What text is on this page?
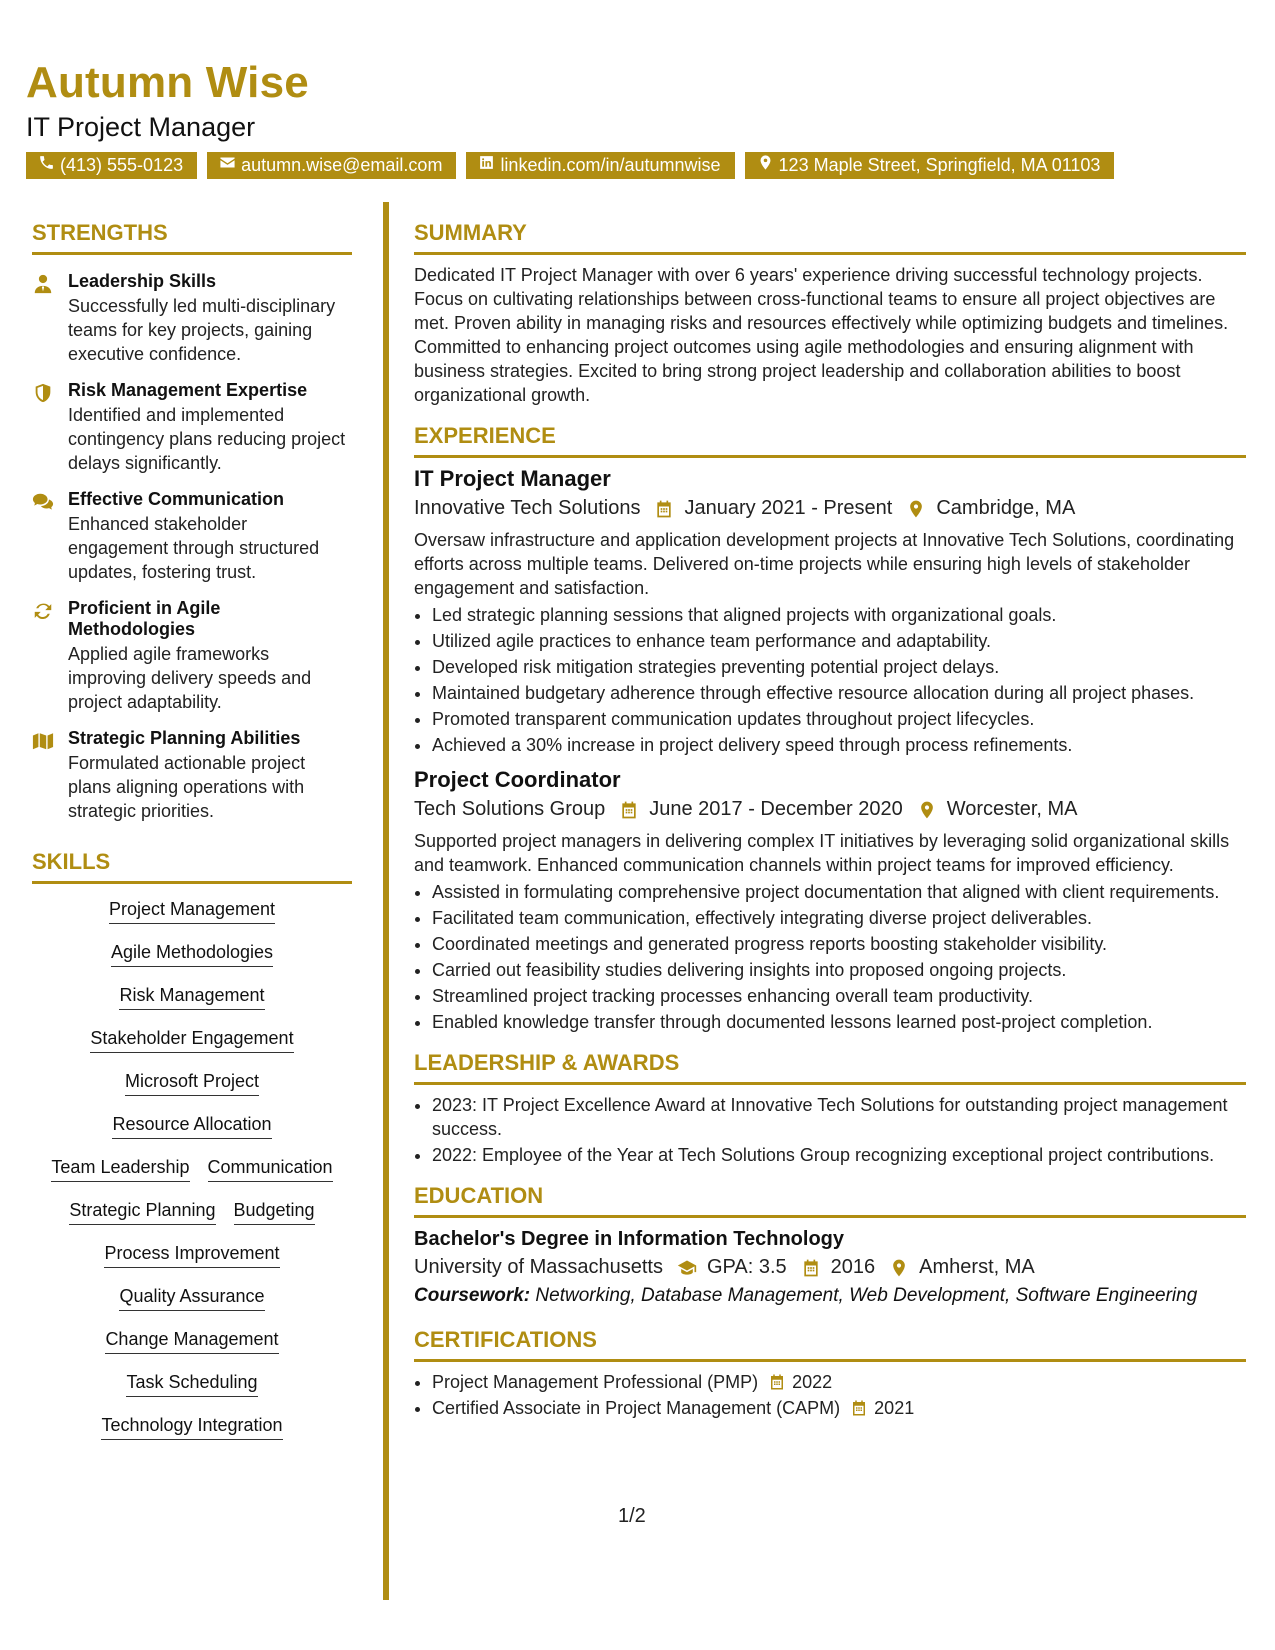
Autumn Wise
IT Project Manager
(413) 555-0123	autumn.wise@email.com	linkedin.com/in/autumnwise	123 Maple Street, Springfield, MA 01103
STRENGTHS
Leadership Skills
Successfully led multi-disciplinary teams for key projects, gaining executive confidence.
Risk Management Expertise
Identified and implemented contingency plans reducing project delays significantly.
Effective Communication
Enhanced stakeholder engagement through structured updates, fostering trust.
Proficient in Agile Methodologies
Applied agile frameworks improving delivery speeds and project adaptability.
Strategic Planning Abilities
Formulated actionable project plans aligning operations with strategic priorities.
SKILLS
Project Management
Agile Methodologies
Risk Management
Stakeholder Engagement
Microsoft Project
Resource Allocation
Team Leadership Communication
Strategic Planning Budgeting
Process Improvement
Quality Assurance
Change Management
Task Scheduling
Technology Integration
SUMMARY
Dedicated IT Project Manager with over 6 years' experience driving successful technology projects. Focus on cultivating relationships between cross-functional teams to ensure all project objectives are met. Proven ability in managing risks and resources effectively while optimizing budgets and timelines. Committed to enhancing project outcomes using agile methodologies and ensuring alignment with business strategies. Excited to bring strong project leadership and collaboration abilities to boost organizational growth.
EXPERIENCE
IT Project Manager
Innovative Tech Solutions January 2021 - Present Cambridge, MA
Oversaw infrastructure and application development projects at Innovative Tech Solutions, coordinating efforts across multiple teams. Delivered on-time projects while ensuring high levels of stakeholder engagement and satisfaction.
• Led strategic planning sessions that aligned projects with organizational goals.
• Utilized agile practices to enhance team performance and adaptability.
• Developed risk mitigation strategies preventing potential project delays.
• Maintained budgetary adherence through effective resource allocation during all project phases.
• Promoted transparent communication updates throughout project lifecycles.
• Achieved a 30% increase in project delivery speed through process refinements.
Project Coordinator
Tech Solutions Group June 2017 - December 2020 Worcester, MA
Supported project managers in delivering complex IT initiatives by leveraging solid organizational skills and teamwork. Enhanced communication channels within project teams for improved efficiency.
• Assisted in formulating comprehensive project documentation that aligned with client requirements.
• Facilitated team communication, effectively integrating diverse project deliverables.
• Coordinated meetings and generated progress reports boosting stakeholder visibility.
• Carried out feasibility studies delivering insights into proposed ongoing projects.
• Streamlined project tracking processes enhancing overall team productivity.
• Enabled knowledge transfer through documented lessons learned post-project completion.
LEADERSHIP & AWARDS
• 2023: IT Project Excellence Award at Innovative Tech Solutions for outstanding project management success.
• 2022: Employee of the Year at Tech Solutions Group recognizing exceptional project contributions.
EDUCATION
Bachelor's Degree in Information Technology
University of Massachusetts GPA: 3.5 2016 Amherst, MA
Coursework: Networking, Database Management, Web Development, Software Engineering
CERTIFICATIONS
• Project Management Professional (PMP) 2022
• Certified Associate in Project Management (CAPM) 2021
1/2
